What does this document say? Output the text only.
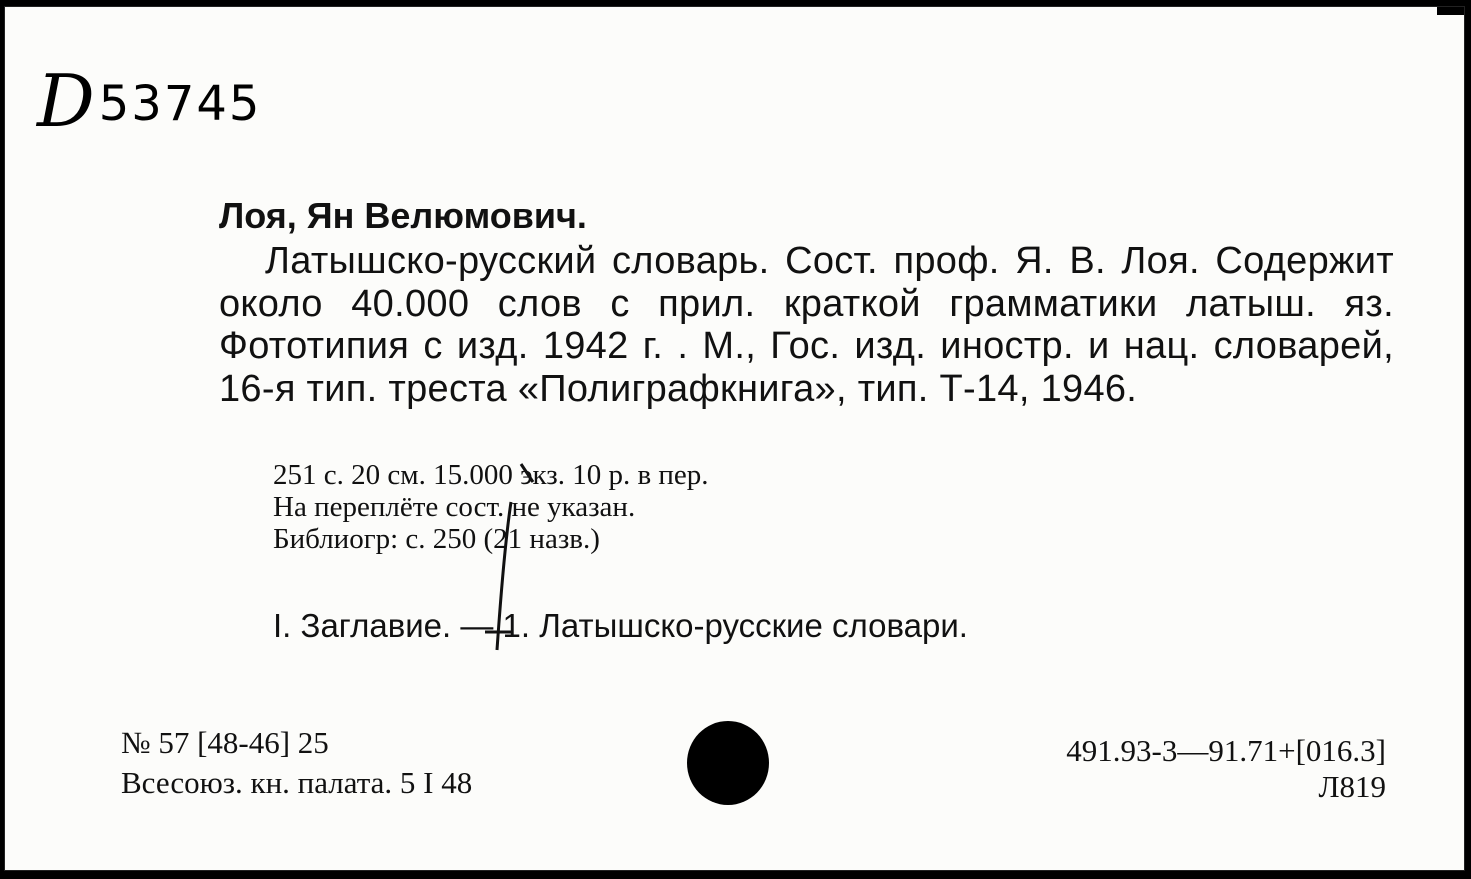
D53745

Лоя, Ян Велюмович.

Латышско-русский словарь. Сост. проф. Я. В. Лоя. Содержит около 40.000 слов с прил. краткой грамматики латыш. яз. Фототипия с изд. 1942 г. . М., Гос. изд. иностр. и нац. словарей, 16-я тип. треста «Полиграфкнига», тип. Т-14, 1946.

251 с. 20 см. 15.000 экз. 10 р. в пер.
На переплёте сост. не указан.
Библиогр: с. 250 (21 назв.)
I. Заглавие. — 1. Латышско-русские словари.
№ 57 [48-46] 25
Всесоюз. кн. палата. 5 I 48
491.93-3—91.71+[016.3]
Л819
